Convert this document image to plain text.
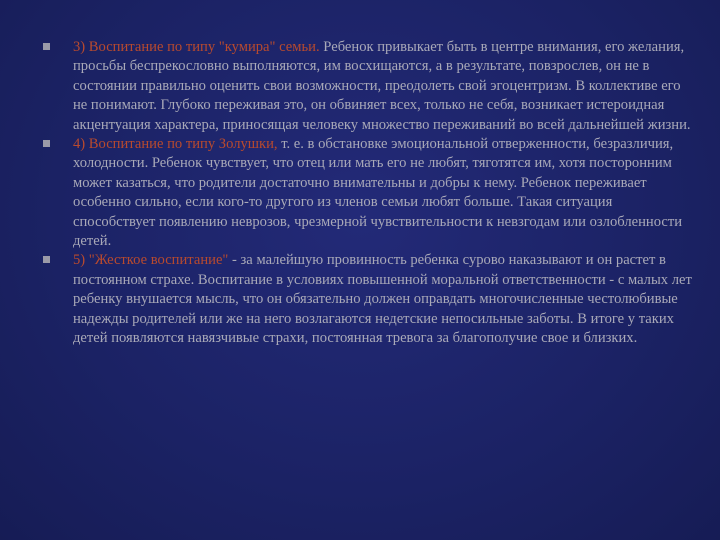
3) Воспитание по типу "кумира" семьи. Ребенок привыкает быть в центре внимания, его желания, просьбы беспрекословно выполняются, им восхищаются, а в результате, повзрослев, он не в состоянии правильно оценить свои возможности, преодолеть свой эгоцентризм. В коллективе его не понимают. Глубоко переживая это, он обвиняет всех, только не себя, возникает истероидная акцентуация характера, приносящая человеку множество переживаний во всей дальнейшей жизни.
4) Воспитание по типу Золушки, т. е. в обстановке эмоциональной отверженности, безразличия, холодности. Ребенок чувствует, что отец или мать его не любят, тяготятся им, хотя посторонним может казаться, что родители достаточно внимательны и добры к нему. Ребенок переживает особенно сильно, если кого-то другого из членов семьи любят больше. Такая ситуация способствует появлению неврозов, чрезмерной чувствительности к невзгодам или озлобленности детей.
5) "Жесткое воспитание" - за малейшую провинность ребенка сурово наказывают и он растет в постоянном страхе. Воспитание в условиях повышенной моральной ответственности - с малых лет ребенку внушается мысль, что он обязательно должен оправдать многочисленные честолюбивые надежды родителей или же на него возлагаются недетские непосильные заботы. В итоге у таких детей появляются навязчивые страхи, постоянная тревога за благополучие свое и близких.
